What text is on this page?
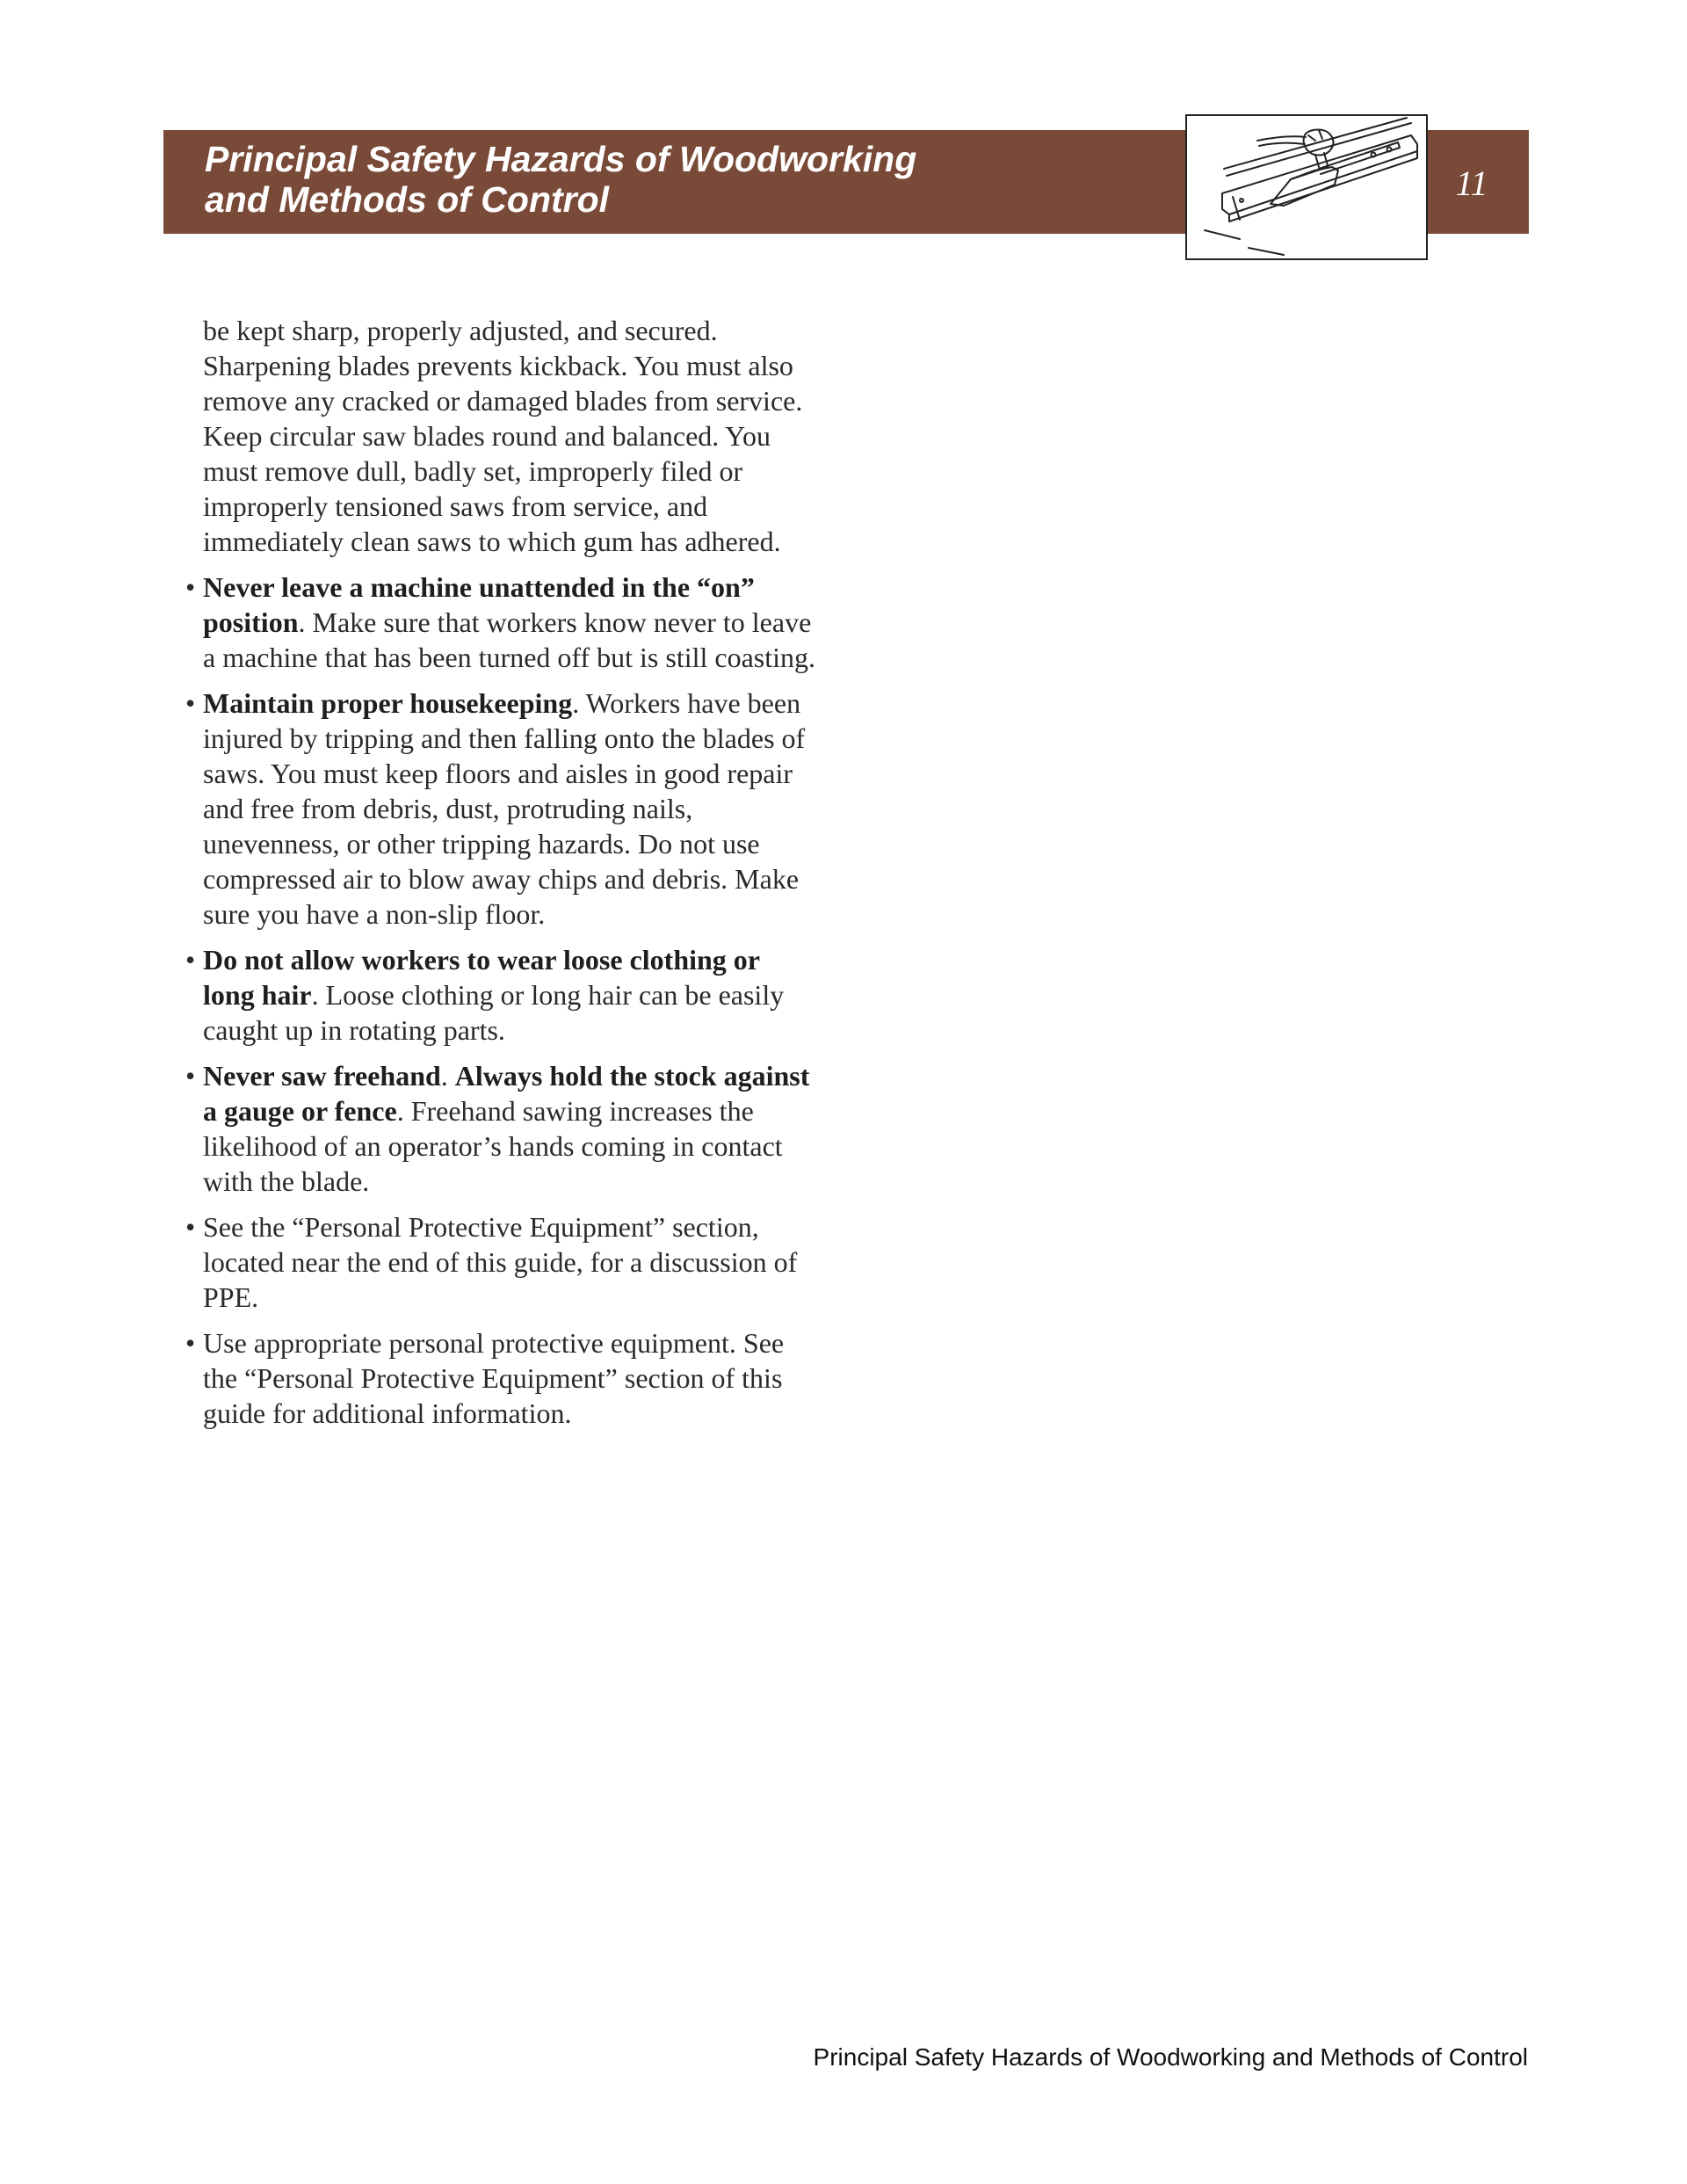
Principal Safety Hazards of Woodworking
and Methods of Control	11

be kept sharp, properly adjusted, and secured. Sharpening blades prevents kickback. You must also remove any cracked or damaged blades from service. Keep circular saw blades round and balanced. You must remove dull, badly set, improperly filed or improperly tensioned saws from service, and immediately clean saws to which gum has adhered.

• Never leave a machine unattended in the “on” position. Make sure that workers know never to leave a machine that has been turned off but is still coasting.
• Maintain proper housekeeping. Workers have been injured by tripping and then falling onto the blades of saws. You must keep floors and aisles in good repair and free from debris, dust, protruding nails, unevenness, or other tripping hazards. Do not use compressed air to blow away chips and debris. Make sure you have a non-slip floor.
• Do not allow workers to wear loose clothing or long hair. Loose clothing or long hair can be easily caught up in rotating parts.
• Never saw freehand. Always hold the stock against a gauge or fence. Freehand sawing increases the likelihood of an operator’s hands coming in contact with the blade.
• See the “Personal Protective Equipment” section, located near the end of this guide, for a discussion of PPE.
• Use appropriate personal protective equipment. See the “Personal Protective Equipment” section of this guide for additional information.
Principal Safety Hazards of Woodworking and Methods of Control
